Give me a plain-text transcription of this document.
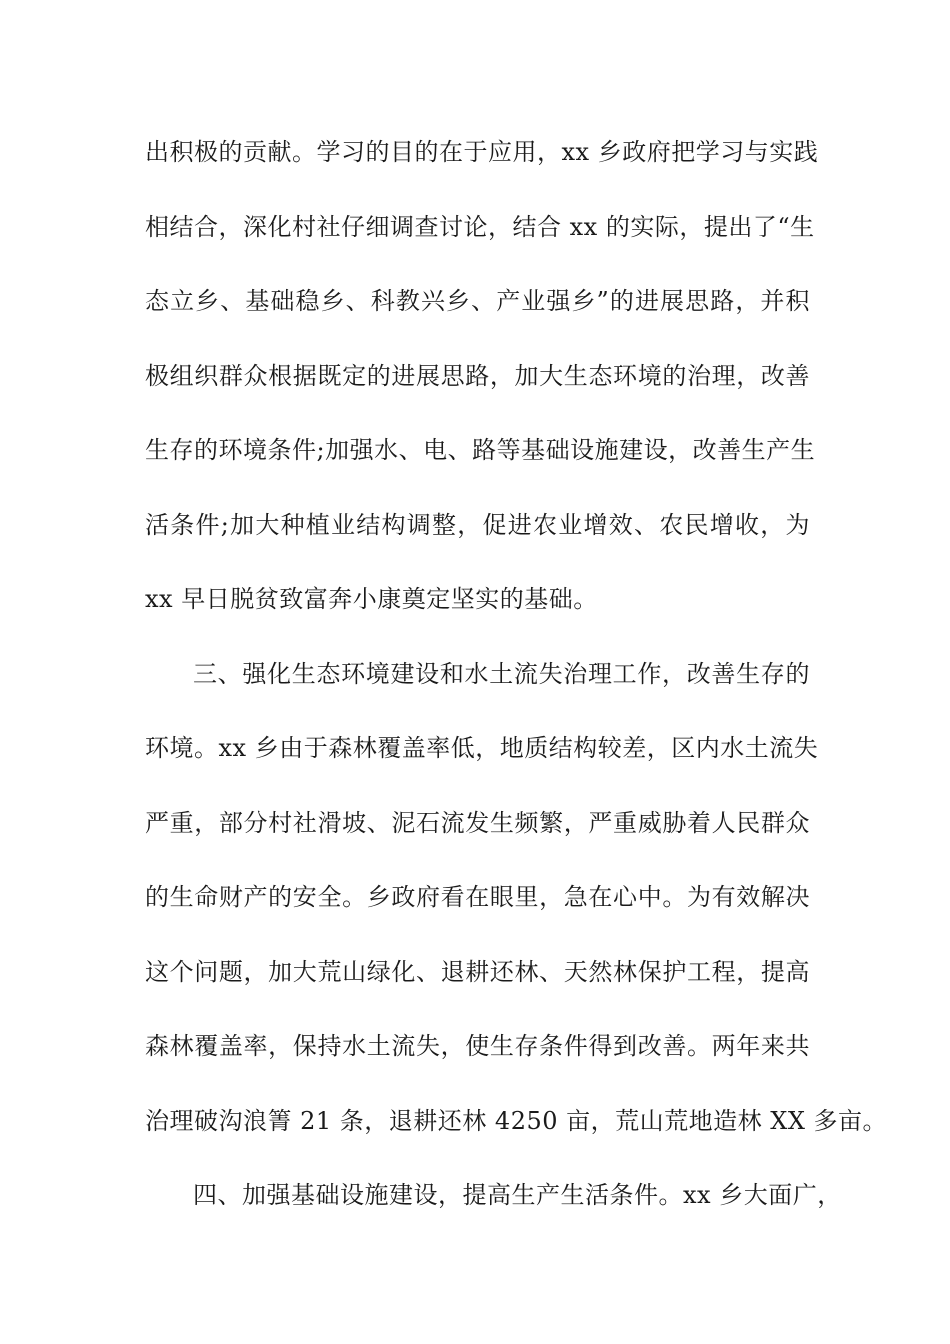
出积极的贡献。学习的目的在于应用，xx 乡政府把学习与实践
相结合，深化村社仔细调查讨论，结合 xx 的实际，提出了“生
态立乡、基础稳乡、科教兴乡、产业强乡”的进展思路，并积
极组织群众根据既定的进展思路，加大生态环境的治理，改善
生存的环境条件;加强水、电、路等基础设施建设，改善生产生
活条件;加大种植业结构调整，促进农业增效、农民增收，为
xx 早日脱贫致富奔小康奠定坚实的基础。
三、强化生态环境建设和水土流失治理工作，改善生存的
环境。xx 乡由于森林覆盖率低，地质结构较差，区内水土流失
严重，部分村社滑坡、泥石流发生频繁，严重威胁着人民群众
的生命财产的安全。乡政府看在眼里，急在心中。为有效解决
这个问题，加大荒山绿化、退耕还林、天然林保护工程，提高
森林覆盖率，保持水土流失，使生存条件得到改善。两年来共
治理破沟浪箐 21 条，退耕还林 4250 亩，荒山荒地造林 XX 多亩。
四、加强基础设施建设，提高生产生活条件。xx 乡大面广，
